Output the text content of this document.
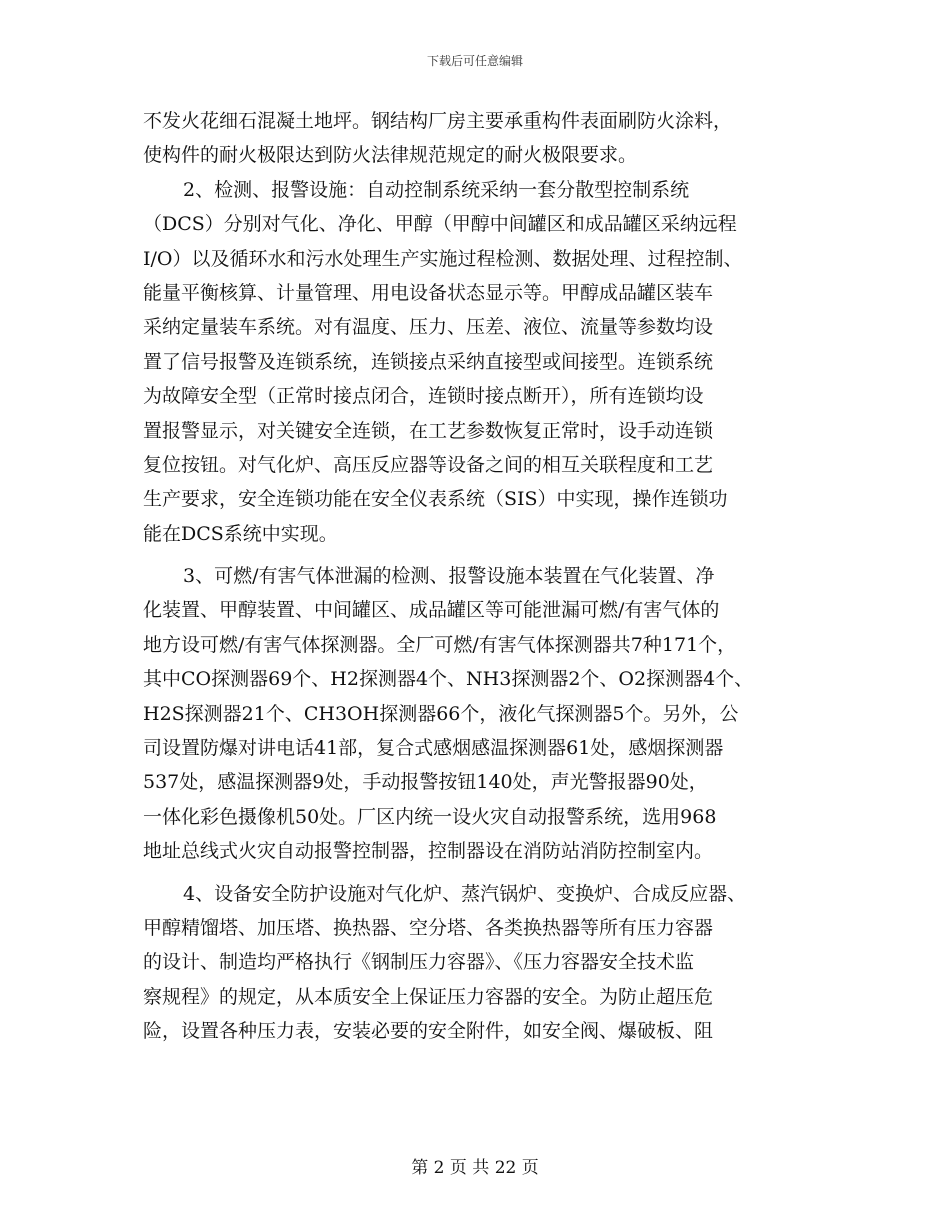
下载后可任意编辑
不发火花细石混凝土地坪。钢结构厂房主要承重构件表面刷防火涂料，
使构件的耐火极限达到防火法律规范规定的耐火极限要求。
2、检测、报警设施：自动控制系统采纳一套分散型控制系统
（DCS）分别对气化、净化、甲醇（甲醇中间罐区和成品罐区采纳远程
I/O）以及循环水和污水处理生产实施过程检测、数据处理、过程控制、
能量平衡核算、计量管理、用电设备状态显示等。甲醇成品罐区装车
采纳定量装车系统。对有温度、压力、压差、液位、流量等参数均设
置了信号报警及连锁系统，连锁接点采纳直接型或间接型。连锁系统
为故障安全型（正常时接点闭合，连锁时接点断开），所有连锁均设
置报警显示，对关键安全连锁，在工艺参数恢复正常时，设手动连锁
复位按钮。对气化炉、高压反应器等设备之间的相互关联程度和工艺
生产要求，安全连锁功能在安全仪表系统（SIS）中实现，操作连锁功
能在DCS系统中实现。
3、可燃/有害气体泄漏的检测、报警设施本装置在气化装置、净
化装置、甲醇装置、中间罐区、成品罐区等可能泄漏可燃/有害气体的
地方设可燃/有害气体探测器。全厂可燃/有害气体探测器共7种171个，
其中CO探测器69个、H2探测器4个、NH3探测器2个、O2探测器4个、
H2S探测器21个、CH3OH探测器66个，液化气探测器5个。另外，公
司设置防爆对讲电话41部，复合式感烟感温探测器61处，感烟探测器
537处，感温探测器9处，手动报警按钮140处，声光警报器90处，
一体化彩色摄像机50处。厂区内统一设火灾自动报警系统，选用968
地址总线式火灾自动报警控制器，控制器设在消防站消防控制室内。
4、设备安全防护设施对气化炉、蒸汽锅炉、变换炉、合成反应器、
甲醇精馏塔、加压塔、换热器、空分塔、各类换热器等所有压力容器
的设计、制造均严格执行《钢制压力容器》、《压力容器安全技术监
察规程》的规定，从本质安全上保证压力容器的安全。为防止超压危
险，设置各种压力表，安装必要的安全附件，如安全阀、爆破板、阻
第 2 页 共 22 页
